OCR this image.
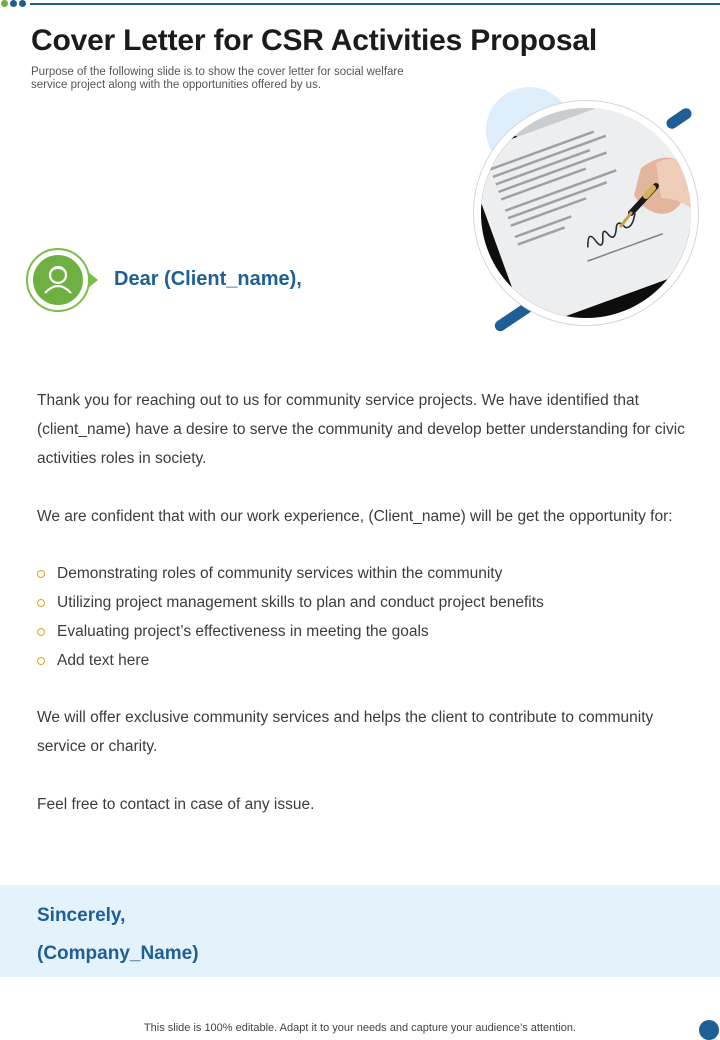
Cover Letter for CSR Activities Proposal

Purpose of the following slide is to show the cover letter for social welfare service project along with the opportunities offered by us.

Dear (Client_name),

Thank you for reaching out to us for community service projects. We have identified that (client_name) have a desire to serve the community and develop better understanding for civic activities roles in society.

We are confident that with our work experience, (Client_name) will be get the opportunity for:

Demonstrating roles of community services within the community
Utilizing project management skills to plan and conduct project benefits
Evaluating project’s effectiveness in meeting the goals
Add text here

We will offer exclusive community services and helps the client to contribute to community service or charity.

Feel free to contact in case of any issue.

Sincerely,
(Company_Name)
This slide is 100% editable. Adapt it to your needs and capture your audience’s attention.
